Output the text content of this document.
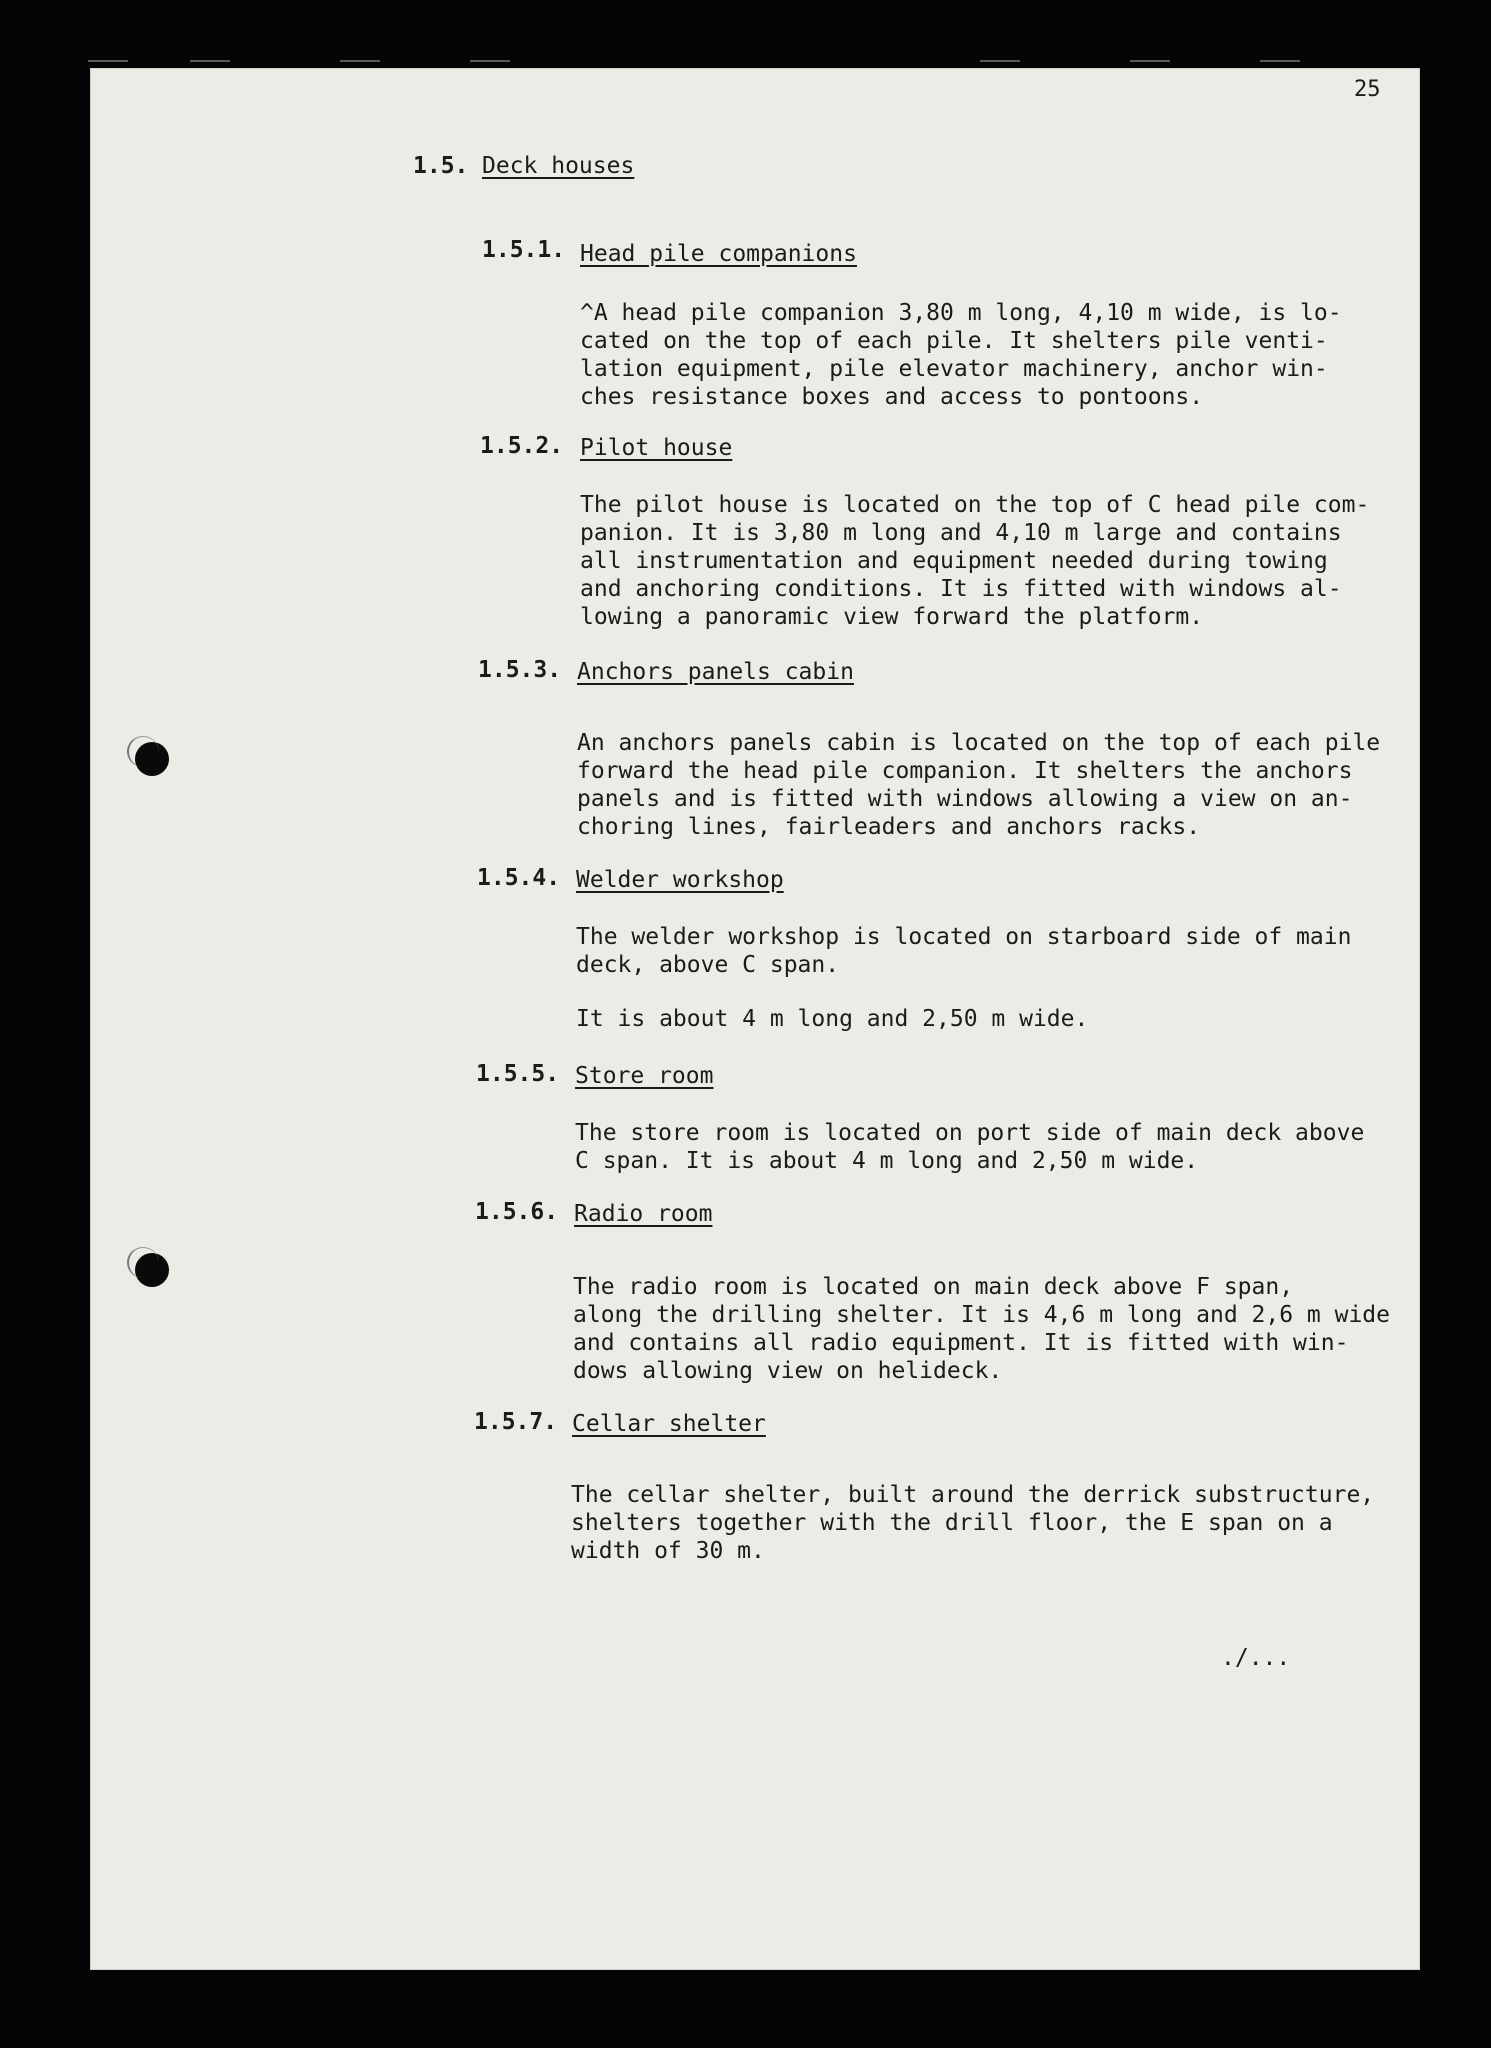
25
1.5. Deck houses
1.5.1. Head pile companions
^A head pile companion 3,80 m long, 4,10 m wide, is lo-
cated on the top of each pile. It shelters pile venti-
lation equipment, pile elevator machinery, anchor win-
ches resistance boxes and access to pontoons.
1.5.2. Pilot house
The pilot house is located on the top of C head pile com-
panion. It is 3,80 m long and 4,10 m large and contains
all instrumentation and equipment needed during towing
and anchoring conditions. It is fitted with windows al-
lowing a panoramic view forward the platform.
1.5.3. Anchors panels cabin
An anchors panels cabin is located on the top of each pile
forward the head pile companion. It shelters the anchors
panels and is fitted with windows allowing a view on an-
choring lines, fairleaders and anchors racks.
1.5.4. Welder workshop
The welder workshop is located on starboard side of main
deck, above C span.
It is about 4 m long and 2,50 m wide.
1.5.5. Store room
The store room is located on port side of main deck above
C span. It is about 4 m long and 2,50 m wide.
1.5.6. Radio room
The radio room is located on main deck above F span,
along the drilling shelter. It is 4,6 m long and 2,6 m wide
and contains all radio equipment. It is fitted with win-
dows allowing view on helideck.
1.5.7. Cellar shelter
The cellar shelter, built around the derrick substructure,
shelters together with the drill floor, the E span on a
width of 30 m.
./...
